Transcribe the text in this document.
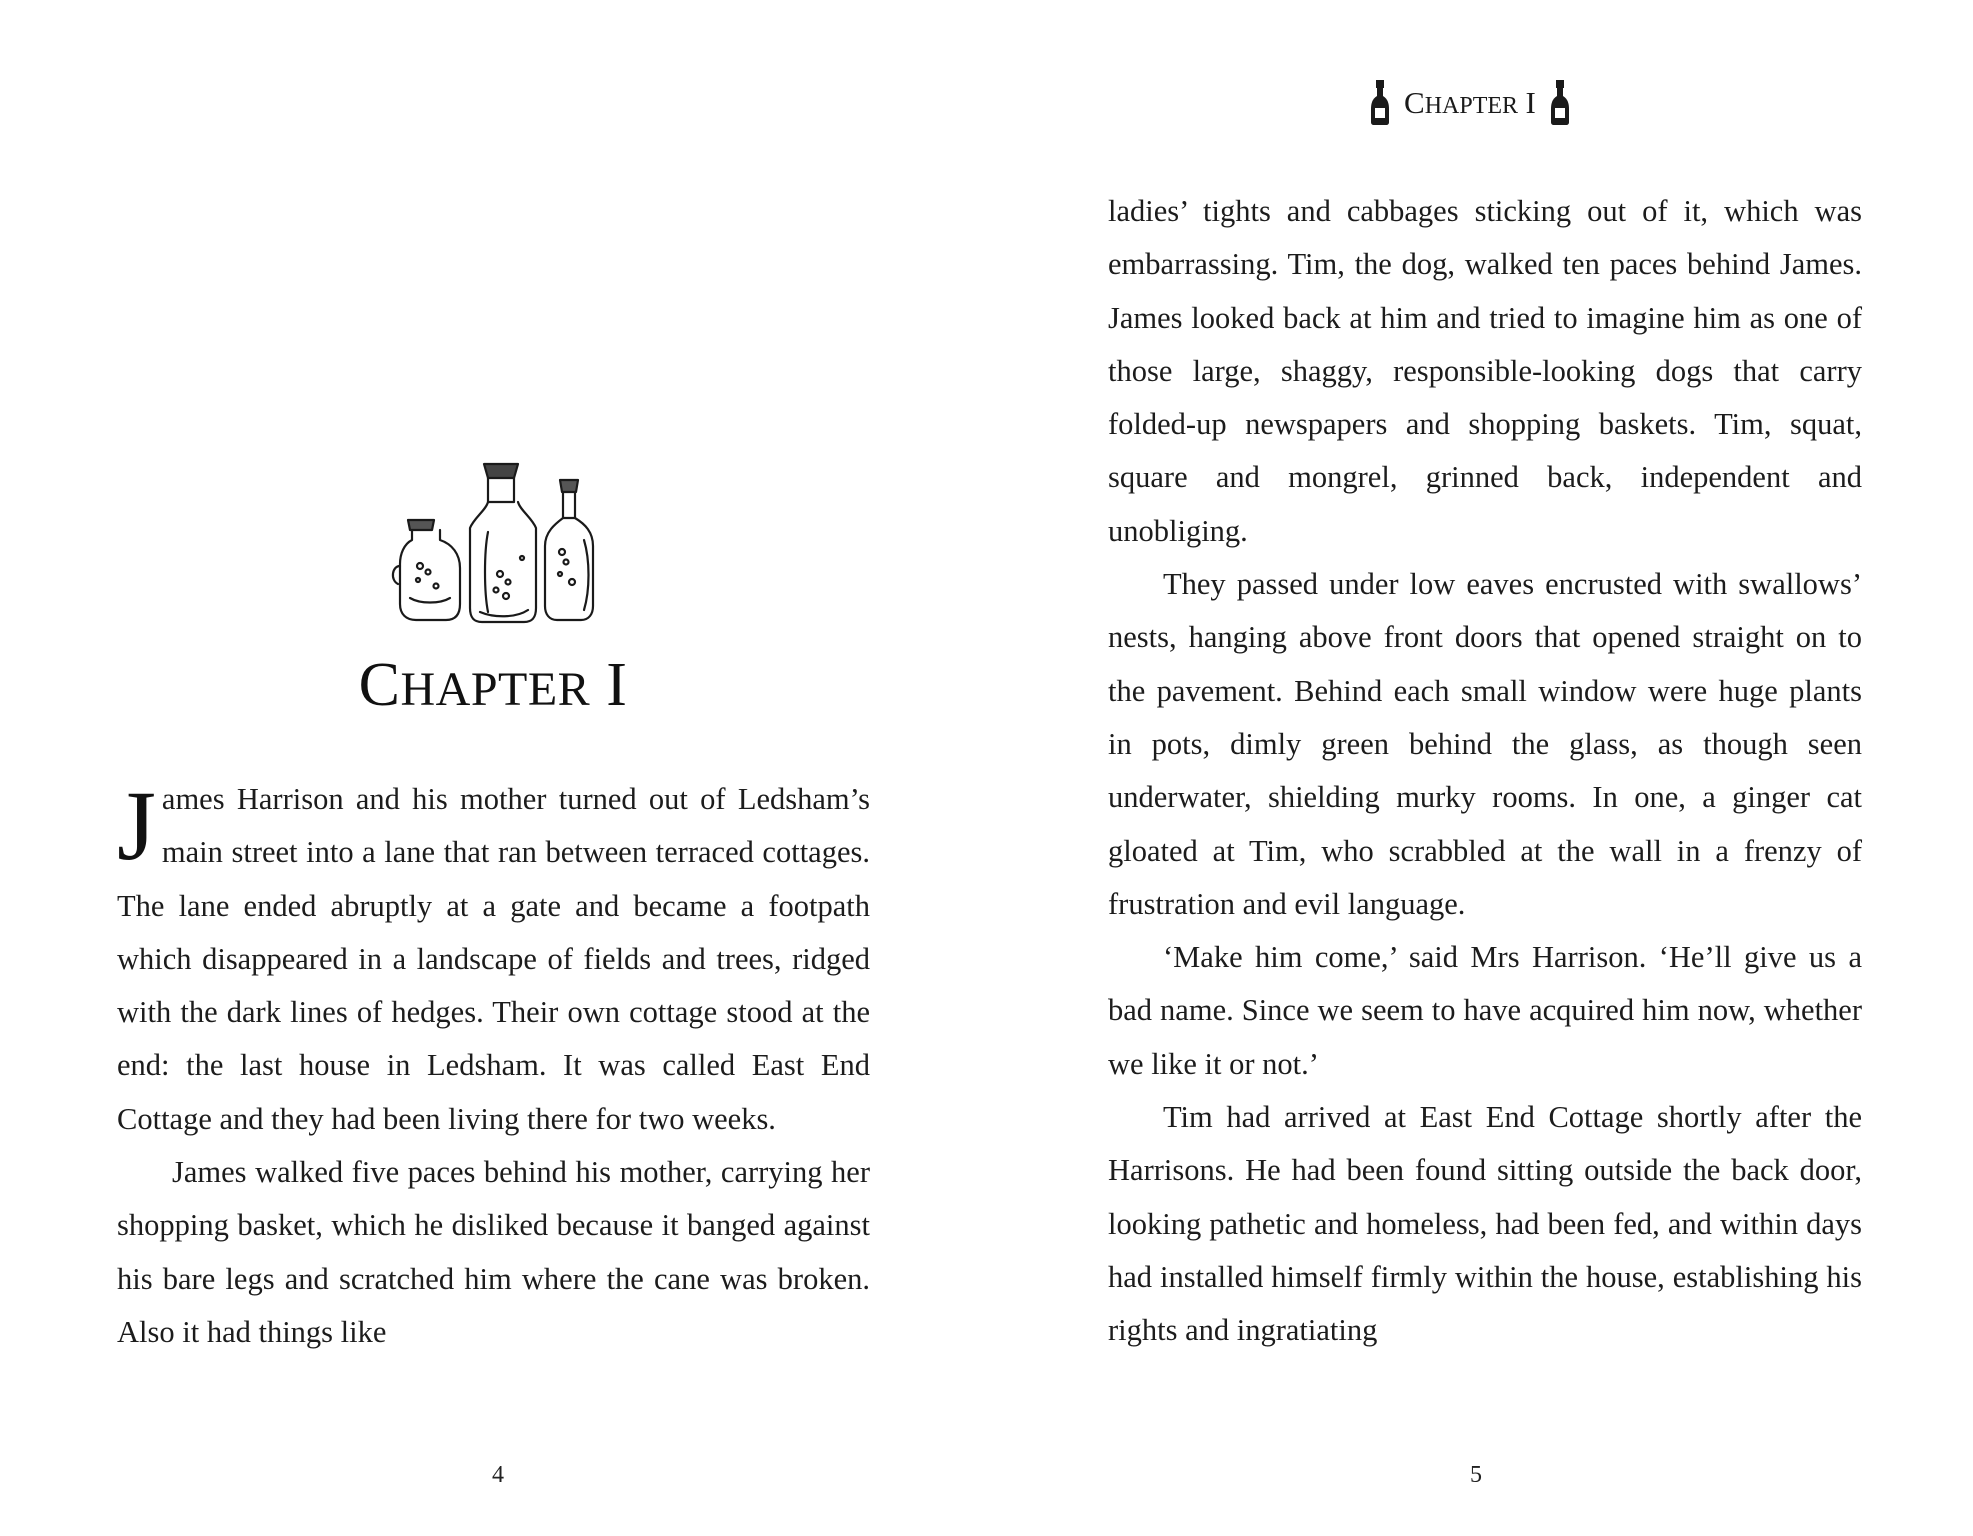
CHAPTER I

James Harrison and his mother turned out of Ledsham’s main street into a lane that ran between terraced cottages. The lane ended abruptly at a gate and became a footpath which disappeared in a landscape of fields and trees, ridged with the dark lines of hedges. Their own cottage stood at the end: the last house in Ledsham. It was called East End Cottage and they had been living there for two weeks.

James walked five paces behind his mother, carrying her shopping basket, which he disliked because it banged against his bare legs and scratched him where the cane was broken. Also it had things like

4
CHAPTER I

ladies’ tights and cabbages sticking out of it, which was embarrassing. Tim, the dog, walked ten paces behind James. James looked back at him and tried to imagine him as one of those large, shaggy, responsible-looking dogs that carry folded-up newspapers and shopping baskets. Tim, squat, square and mongrel, grinned back, independent and unobliging.

They passed under low eaves encrusted with swallows’ nests, hanging above front doors that opened straight on to the pavement. Behind each small window were huge plants in pots, dimly green behind the glass, as though seen underwater, shielding murky rooms. In one, a ginger cat gloated at Tim, who scrabbled at the wall in a frenzy of frustration and evil language.

‘Make him come,’ said Mrs Harrison. ‘He’ll give us a bad name. Since we seem to have acquired him now, whether we like it or not.’

Tim had arrived at East End Cottage shortly after the Harrisons. He had been found sitting outside the back door, looking pathetic and homeless, had been fed, and within days had installed himself firmly within the house, establishing his rights and ingratiating

5
